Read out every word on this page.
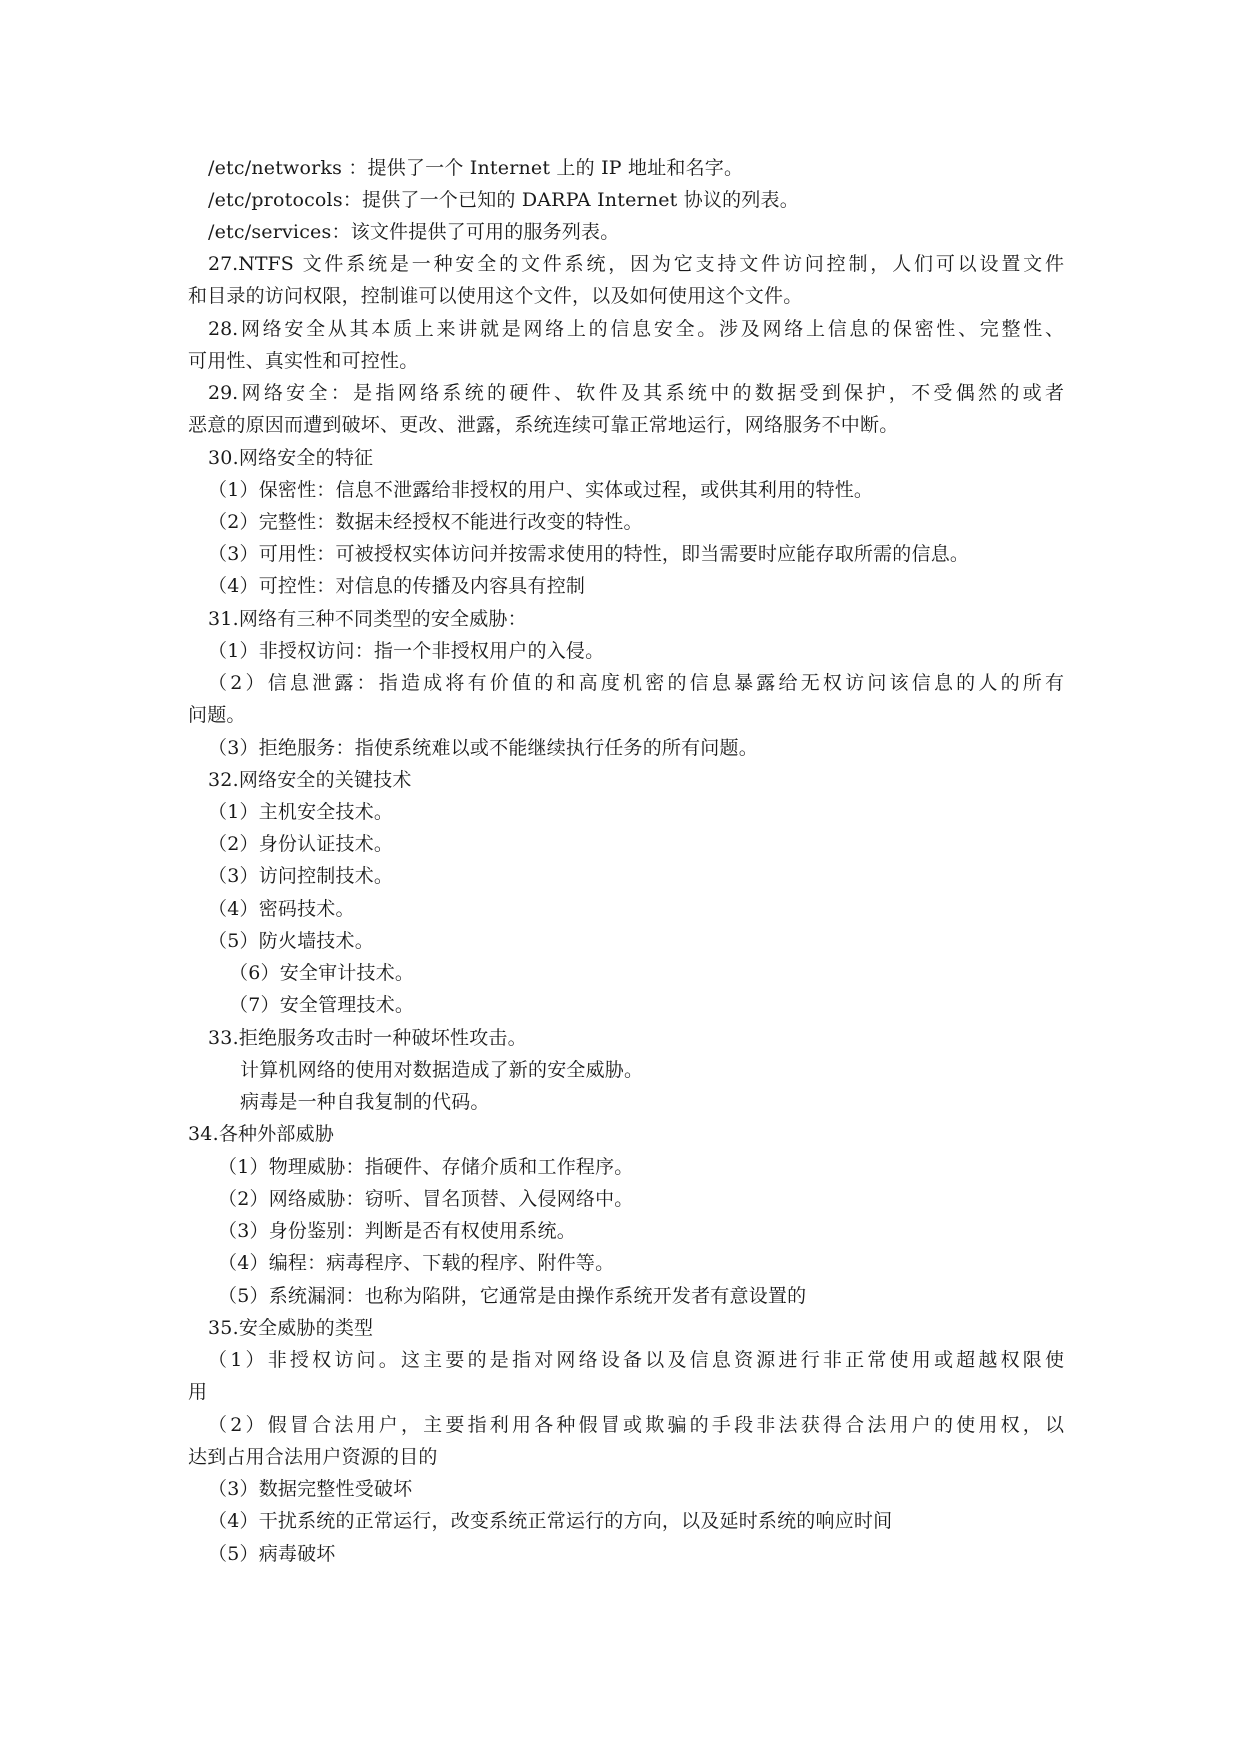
/etc/networks ：提供了一个 Internet 上的 IP 地址和名字。
/etc/protocols：提供了一个已知的 DARPA Internet 协议的列表。
/etc/services：该文件提供了可用的服务列表。
27.NTFS 文件系统是一种安全的文件系统，因为它支持文件访问控制，人们可以设置文件
和目录的访问权限，控制谁可以使用这个文件，以及如何使用这个文件。
28.网络安全从其本质上来讲就是网络上的信息安全。涉及网络上信息的保密性、完整性、
可用性、真实性和可控性。
29.网络安全：是指网络系统的硬件、软件及其系统中的数据受到保护，不受偶然的或者
恶意的原因而遭到破坏、更改、泄露，系统连续可靠正常地运行，网络服务不中断。
30.网络安全的特征
（1）保密性：信息不泄露给非授权的用户、实体或过程，或供其利用的特性。
（2）完整性：数据未经授权不能进行改变的特性。
（3）可用性：可被授权实体访问并按需求使用的特性，即当需要时应能存取所需的信息。
（4）可控性：对信息的传播及内容具有控制
31.网络有三种不同类型的安全威胁：
（1）非授权访问：指一个非授权用户的入侵。
（2）信息泄露：指造成将有价值的和高度机密的信息暴露给无权访问该信息的人的所有
问题。
（3）拒绝服务：指使系统难以或不能继续执行任务的所有问题。
32.网络安全的关键技术
（1）主机安全技术。
（2）身份认证技术。
（3）访问控制技术。
（4）密码技术。
（5）防火墙技术。
（6）安全审计技术。
（7）安全管理技术。
33.拒绝服务攻击时一种破坏性攻击。
计算机网络的使用对数据造成了新的安全威胁。
病毒是一种自我复制的代码。
34.各种外部威胁
（1）物理威胁：指硬件、存储介质和工作程序。
（2）网络威胁：窃听、冒名顶替、入侵网络中。
（3）身份鉴别：判断是否有权使用系统。
（4）编程：病毒程序、下载的程序、附件等。
（5）系统漏洞：也称为陷阱，它通常是由操作系统开发者有意设置的
35.安全威胁的类型
（1）非授权访问。这主要的是指对网络设备以及信息资源进行非正常使用或超越权限使
用
（2）假冒合法用户，主要指利用各种假冒或欺骗的手段非法获得合法用户的使用权，以
达到占用合法用户资源的目的
（3）数据完整性受破坏
（4）干扰系统的正常运行，改变系统正常运行的方向，以及延时系统的响应时间
（5）病毒破坏
